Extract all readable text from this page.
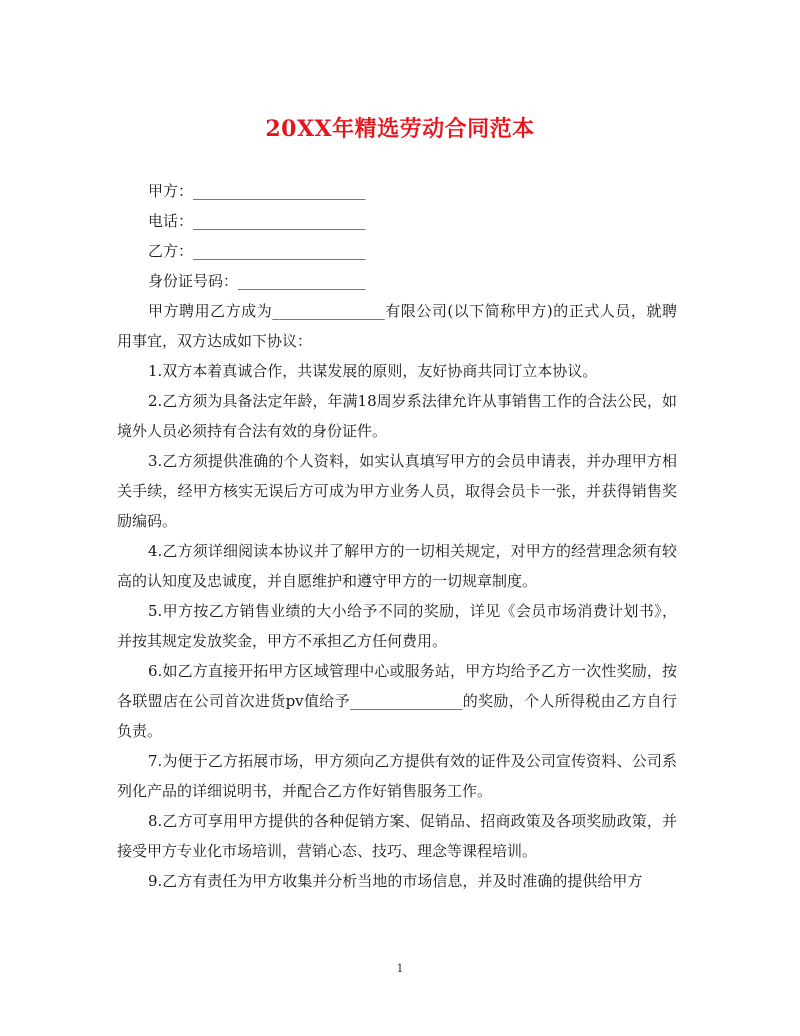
20XX年精选劳动合同范本
甲方：_______________________
电话：_______________________
乙方：_______________________
身份证号码：_________________

甲方聘用乙方成为_______________有限公司(以下简称甲方)的正式人员，就聘用事宜，双方达成如下协议：

1.双方本着真诚合作，共谋发展的原则，友好协商共同订立本协议。

2.乙方须为具备法定年龄，年满18周岁系法律允许从事销售工作的合法公民，如境外人员必须持有合法有效的身份证件。

3.乙方须提供准确的个人资料，如实认真填写甲方的会员申请表，并办理甲方相关手续，经甲方核实无误后方可成为甲方业务人员，取得会员卡一张，并获得销售奖励编码。

4.乙方须详细阅读本协议并了解甲方的一切相关规定，对甲方的经营理念须有较高的认知度及忠诚度，并自愿维护和遵守甲方的一切规章制度。

5.甲方按乙方销售业绩的大小给予不同的奖励，详见《会员市场消费计划书》，并按其规定发放奖金，甲方不承担乙方任何费用。

6.如乙方直接开拓甲方区域管理中心或服务站，甲方均给予乙方一次性奖励，按各联盟店在公司首次进货pv值给予_______________的奖励，个人所得税由乙方自行负责。

7.为便于乙方拓展市场，甲方须向乙方提供有效的证件及公司宣传资料、公司系列化产品的详细说明书，并配合乙方作好销售服务工作。

8.乙方可享用甲方提供的各种促销方案、促销品、招商政策及各项奖励政策，并接受甲方专业化市场培训，营销心态、技巧、理念等课程培训。

9.乙方有责任为甲方收集并分析当地的市场信息，并及时准确的提供给甲方

1
